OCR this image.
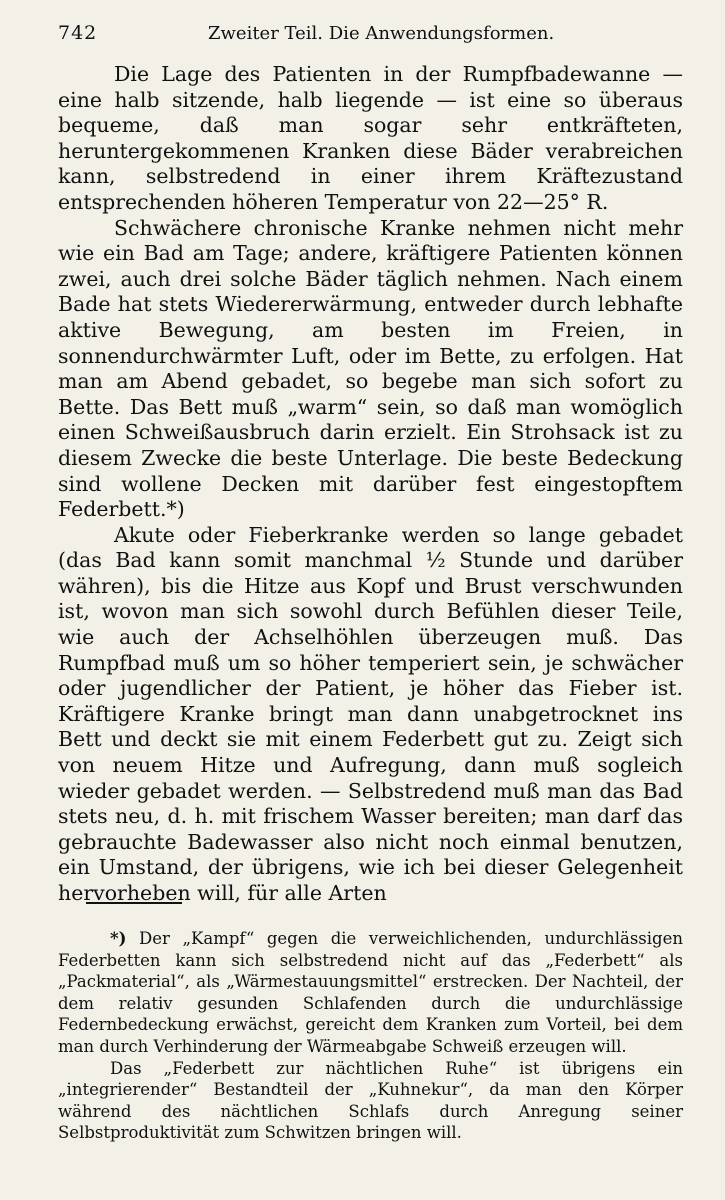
742	Zweiter Teil. Die Anwendungsformen.

Die Lage des Patienten in der Rumpfbadewanne — eine halb sitzende, halb liegende — ist eine so überaus bequeme, daß man sogar sehr entkräfteten, heruntergekommenen Kranken diese Bäder verabreichen kann, selbstredend in einer ihrem Kräftezustand entsprechenden höheren Temperatur von 22—25° R.

Schwächere chronische Kranke nehmen nicht mehr wie ein Bad am Tage; andere, kräftigere Patienten können zwei, auch drei solche Bäder täglich nehmen. Nach einem Bade hat stets Wiedererwärmung, entweder durch lebhafte aktive Bewegung, am besten im Freien, in sonnendurchwärmter Luft, oder im Bette, zu erfolgen. Hat man am Abend gebadet, so begebe man sich sofort zu Bette. Das Bett muß „warm“ sein, so daß man womöglich einen Schweißausbruch darin erzielt. Ein Strohsack ist zu diesem Zwecke die beste Unterlage. Die beste Bedeckung sind wollene Decken mit darüber fest eingestopftem Federbett.*)

Akute oder Fieberkranke werden so lange gebadet (das Bad kann somit manchmal ½ Stunde und darüber währen), bis die Hitze aus Kopf und Brust verschwunden ist, wovon man sich sowohl durch Befühlen dieser Teile, wie auch der Achselhöhlen überzeugen muß. Das Rumpfbad muß um so höher temperiert sein, je schwächer oder jugendlicher der Patient, je höher das Fieber ist. Kräftigere Kranke bringt man dann unabgetrocknet ins Bett und deckt sie mit einem Federbett gut zu. Zeigt sich von neuem Hitze und Aufregung, dann muß sogleich wieder gebadet werden. — Selbstredend muß man das Bad stets neu, d. h. mit frischem Wasser bereiten; man darf das gebrauchte Badewasser also nicht noch einmal benutzen, ein Umstand, der übrigens, wie ich bei dieser Gelegenheit hervorheben will, für alle Arten

*) Der „Kampf“ gegen die verweichlichenden, undurchlässigen Federbetten kann sich selbstredend nicht auf das „Federbett“ als „Packmaterial“, als „Wärmestauungsmittel“ erstrecken. Der Nachteil, der dem relativ gesunden Schlafenden durch die undurchlässige Federnbedeckung erwächst, gereicht dem Kranken zum Vorteil, bei dem man durch Verhinderung der Wärmeabgabe Schweiß erzeugen will.

Das „Federbett zur nächtlichen Ruhe“ ist übrigens ein „integrierender“ Bestandteil der „Kuhnekur“, da man den Körper während des nächtlichen Schlafs durch Anregung seiner Selbstproduktivität zum Schwitzen bringen will.
